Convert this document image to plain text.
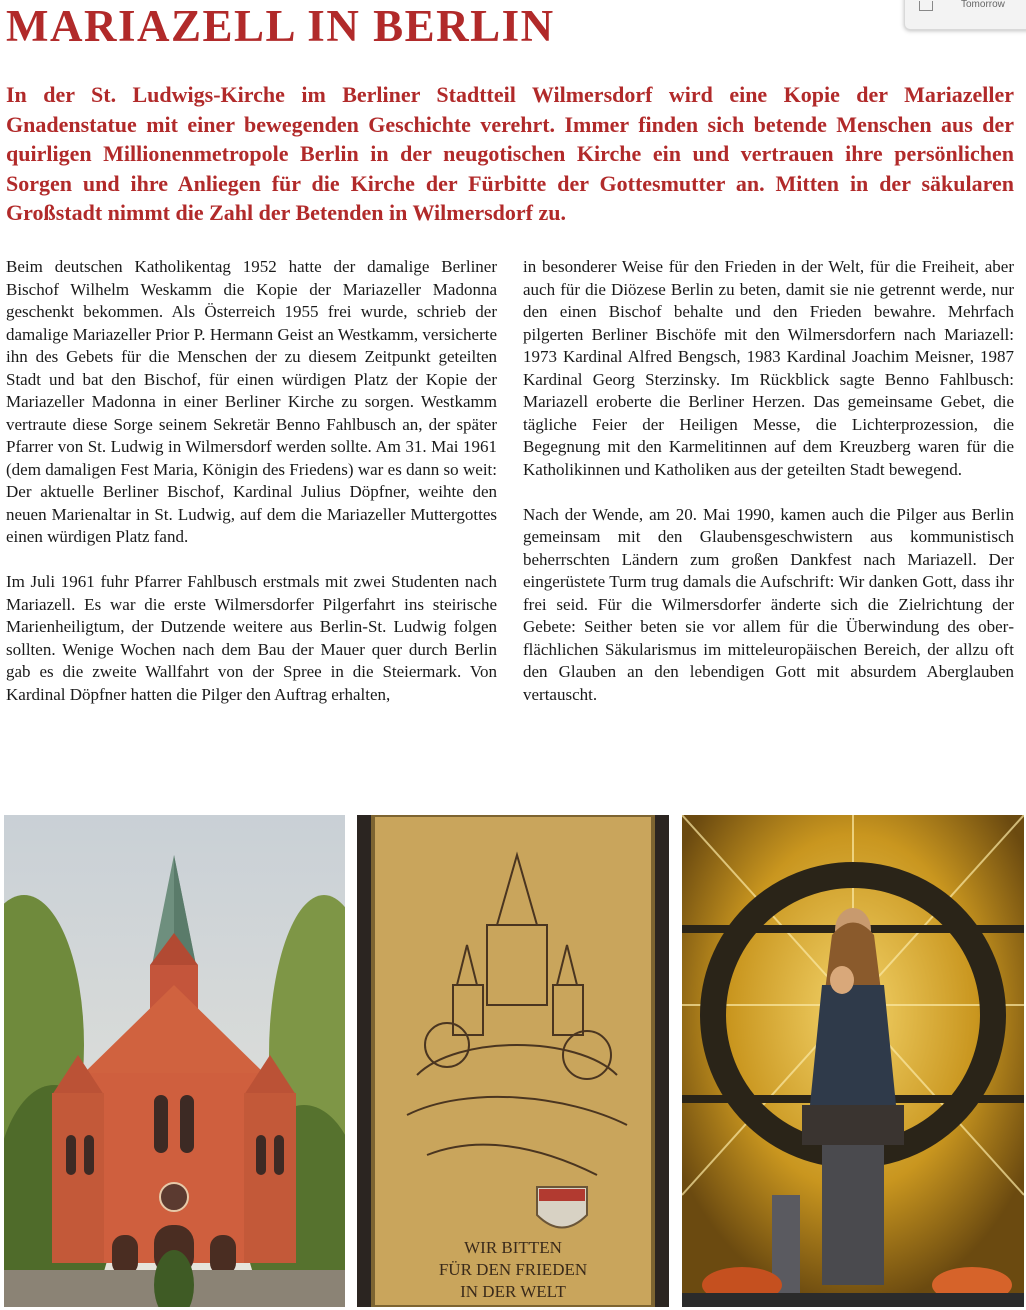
Tomorrow
MARIAZELL IN BERLIN

In der St. Ludwigs-Kirche im Berliner Stadtteil Wilmersdorf wird eine Kopie der Mariazeller Gnadenstatue mit einer bewegenden Geschichte verehrt. Immer finden sich betende Menschen aus der quirligen Millionenmetropole Berlin in der neugotischen Kirche ein und vertrauen ihre persönlichen Sorgen und ihre Anliegen für die Kirche der Fürbitte der Gottesmutter an. Mitten in der säkularen Großstadt nimmt die Zahl der Betenden in Wilmersdorf zu.

Beim deutschen Katholikentag 1952 hatte der damalige Berliner Bischof Wilhelm Weskamm die Kopie der Mariazeller Madonna geschenkt bekommen. Als Österreich 1955 frei wurde, schrieb der damalige Mariazeller Prior P. Hermann Geist an Westkamm, versicherte ihn des Gebets für die Menschen der zu diesem Zeitpunkt geteilten Stadt und bat den Bischof, für einen würdigen Platz der Kopie der Mariazeller Madonna in einer Berliner Kirche zu sorgen. Westkamm vertraute diese Sorge seinem Sekretär Benno Fahlbusch an, der später Pfarrer von St. Ludwig in Wilmersdorf werden sollte. Am 31. Mai 1961 (dem damaligen Fest Maria, Königin des Friedens) war es dann so weit: Der aktuelle Berliner Bischof, Kardinal Julius Döpfner, weihte den neuen Marienaltar in St. Ludwig, auf dem die Mariazeller Muttergottes einen würdigen Platz fand.

Im Juli 1961 fuhr Pfarrer Fahlbusch erstmals mit zwei Studenten nach Mariazell. Es war die erste Wilmersdorfer Pilgerfahrt ins steirische Marienheiligtum, der Dutzende weitere aus Berlin-St. Ludwig folgen sollten. Wenige Wochen nach dem Bau der Mauer quer durch Berlin gab es die zweite Wallfahrt von der Spree in die Steiermark. Von Kardinal Döpfner hatten die Pilger den Auftrag erhalten,

in besonderer Weise für den Frieden in der Welt, für die Freiheit, aber auch für die Diözese Berlin zu beten, damit sie nie getrennt werde, nur den einen Bischof behalte und den Frieden bewahre. Mehrfach pilgerten Berliner Bischöfe mit den Wilmersdorfern nach Mariazell: 1973 Kardinal Alfred Bengsch, 1983 Kardinal Joachim Meisner, 1987 Kardinal Georg Sterzinsky. Im Rückblick sagte Benno Fahlbusch: Mariazell eroberte die Berliner Herzen. Das gemeinsame Gebet, die tägliche Feier der Heiligen Messe, die Lichterprozession, die Begegnung mit den Karmelitinnen auf dem Kreuzberg waren für die Katholikinnen und Katholiken aus der geteilten Stadt bewegend.

Nach der Wende, am 20. Mai 1990, kamen auch die Pilger aus Berlin gemeinsam mit den Glaubensgeschwistern aus kommunistisch beherrschten Ländern zum großen Dankfest nach Mariazell. Der eingerüstete Turm trug damals die Aufschrift: Wir danken Gott, dass ihr frei seid. Für die Wilmersdorfer änderte sich die Zielrichtung der Gebete: Seither beten sie vor allem für die Überwindung des oberflächlichen Säkularismus im mitteleuropäischen Bereich, der allzu oft den Glauben an den lebendigen Gott mit absurdem Aberglauben vertauscht.

WIR BITTEN
FÜR DEN FRIEDEN
IN DER WELT
